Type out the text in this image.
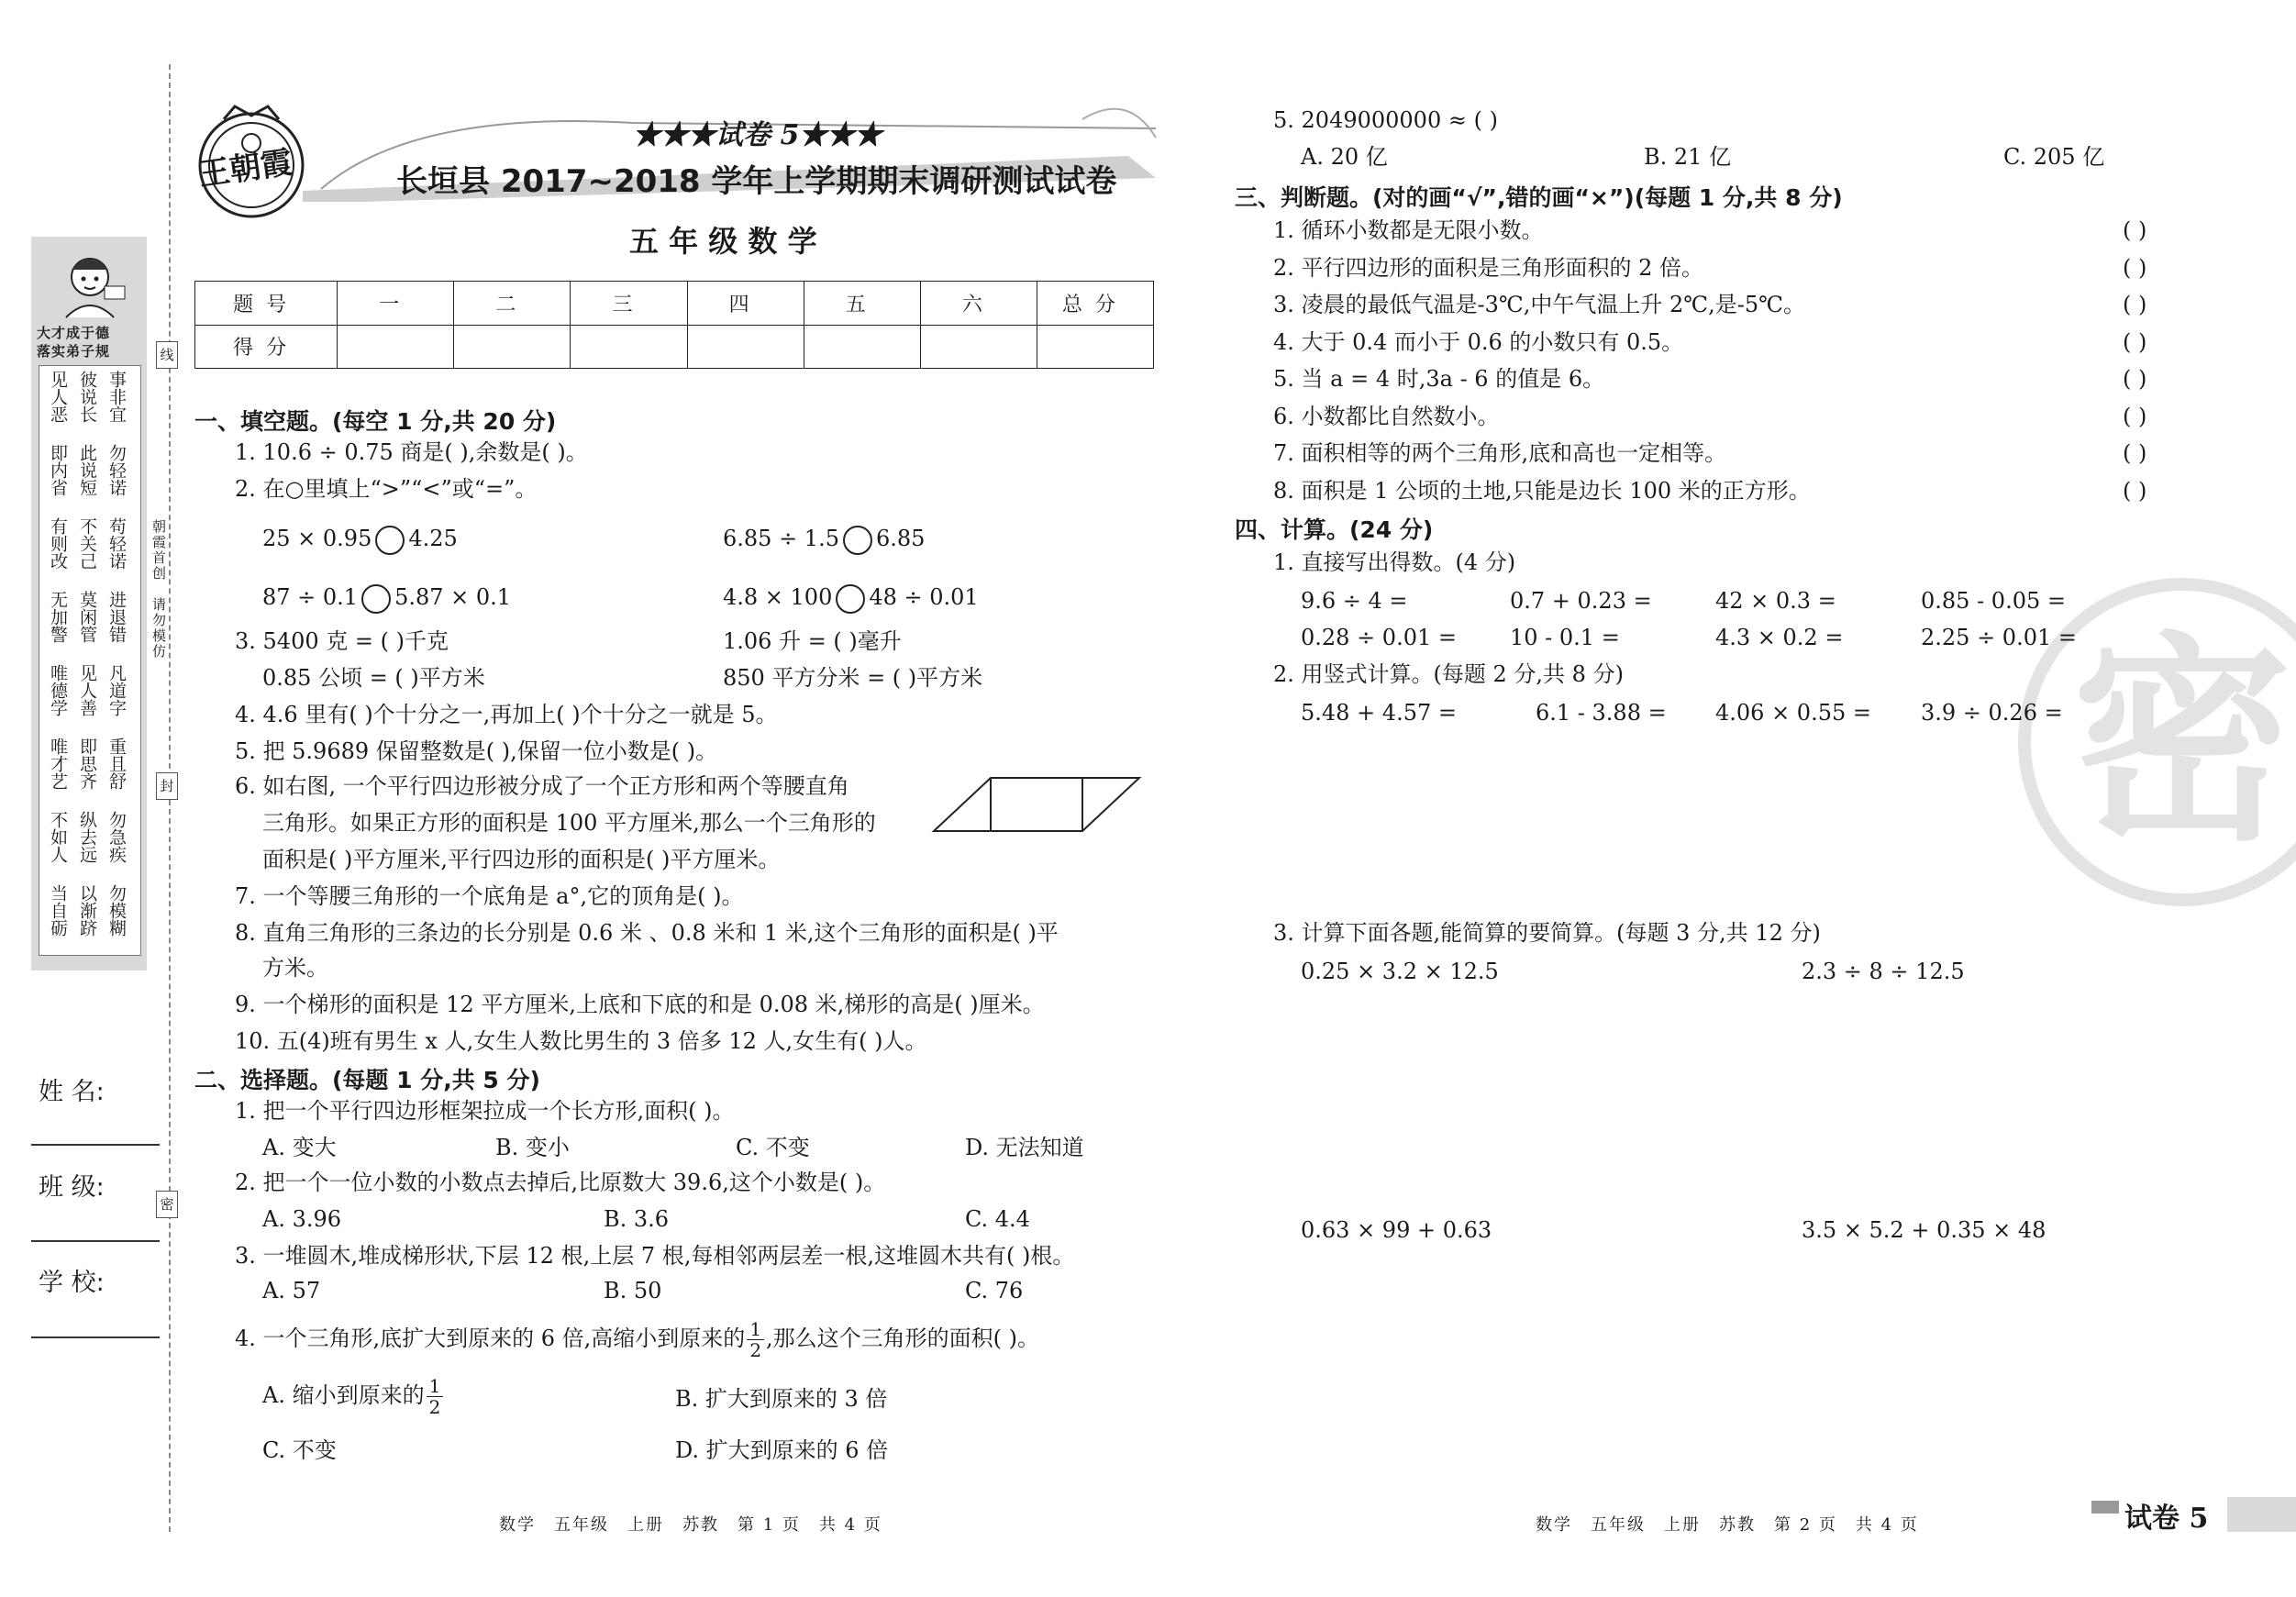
大才成于德
落实弟子规
见人恶 彼说长 事非宜
即内省 此说短 勿轻诺
有则改 不关己 苟轻诺
无加警 莫闲管 进退错
唯德学 见人善 凡道字
唯才艺 即思齐 重且舒
不如人 纵去远 勿急疾
当自砺 以渐跻 勿模糊
线
封
密
朝霞首创　请勿模仿
姓 名:
班 级:
学 校:
王朝霞
★★★试卷 5★★★
长垣县 2017~2018 学年上学期期末调研测试试卷
五 年 级 数 学
题号	一	二	三	四	五	六	总分
得分							
一、填空题。(每空 1 分,共 20 分)
1. 10.6 ÷ 0.75 商是( ),余数是( )。
2. 在○里填上“>”“<”或“=”。
25 × 0.95 4.25	6.85 ÷ 1.5 6.85
87 ÷ 0.1 5.87 × 0.1	4.8 × 100 48 ÷ 0.01
3. 5400 克 = ( )千克	1.06 升 = ( )毫升
0.85 公顷 = ( )平方米	850 平方分米 = ( )平方米
4. 4.6 里有( )个十分之一,再加上( )个十分之一就是 5。
5. 把 5.9689 保留整数是( ),保留一位小数是( )。
6. 如右图, 一个平行四边形被分成了一个正方形和两个等腰直角
三角形。如果正方形的面积是 100 平方厘米,那么一个三角形的
面积是( )平方厘米,平行四边形的面积是( )平方厘米。
7. 一个等腰三角形的一个底角是 a°,它的顶角是( )。
8. 直角三角形的三条边的长分别是 0.6 米 、0.8 米和 1 米,这个三角形的面积是( )平
方米。
9. 一个梯形的面积是 12 平方厘米,上底和下底的和是 0.08 米,梯形的高是( )厘米。
10. 五(4)班有男生 x 人,女生人数比男生的 3 倍多 12 人,女生有( )人。
二、选择题。(每题 1 分,共 5 分)
1. 把一个平行四边形框架拉成一个长方形,面积( )。
A. 变大	B. 变小	C. 不变	D. 无法知道
2. 把一个一位小数的小数点去掉后,比原数大 39.6,这个小数是( )。
A. 3.96	B. 3.6	C. 4.4
3. 一堆圆木,堆成梯形状,下层 12 根,上层 7 根,每相邻两层差一根,这堆圆木共有( )根。
A. 57	B. 50	C. 76
4. 一个三角形,底扩大到原来的 6 倍,高缩小到原来的 $\frac{1}{2}$ ,那么这个三角形的面积( )。
A. 缩小到原来的 $\frac{1}{2}$	B. 扩大到原来的 3 倍
C. 不变	D. 扩大到原来的 6 倍
数学　五年级　上册　苏教　第 1 页　共 4 页
密
5. 2049000000 ≈ ( )
A. 20 亿	B. 21 亿	C. 205 亿
三、判断题。(对的画“√”,错的画“×”)(每题 1 分,共 8 分)
1. 循环小数都是无限小数。	( )
2. 平行四边形的面积是三角形面积的 2 倍。	( )
3. 凌晨的最低气温是-3℃,中午气温上升 2℃,是-5℃。	( )
4. 大于 0.4 而小于 0.6 的小数只有 0.5。	( )
5. 当 a = 4 时,3a - 6 的值是 6。	( )
6. 小数都比自然数小。	( )
7. 面积相等的两个三角形,底和高也一定相等。	( )
8. 面积是 1 公顷的土地,只能是边长 100 米的正方形。	( )
四、计算。(24 分)
1. 直接写出得数。(4 分)
9.6 ÷ 4 =	0.7 + 0.23 =	42 × 0.3 =	0.85 - 0.05 =
0.28 ÷ 0.01 = 10 - 0.1 =	4.3 × 0.2 =	2.25 ÷ 0.01 =
2. 用竖式计算。(每题 2 分,共 8 分)
5.48 + 4.57 =	6.1 - 3.88 = 4.06 × 0.55 = 3.9 ÷ 0.26 =
3. 计算下面各题,能简算的要简算。(每题 3 分,共 12 分)
0.25 × 3.2 × 12.5	2.3 ÷ 8 ÷ 12.5
0.63 × 99 + 0.63	3.5 × 5.2 + 0.35 × 48
数学　五年级　上册　苏教　第 2 页　共 4 页	试卷 5
